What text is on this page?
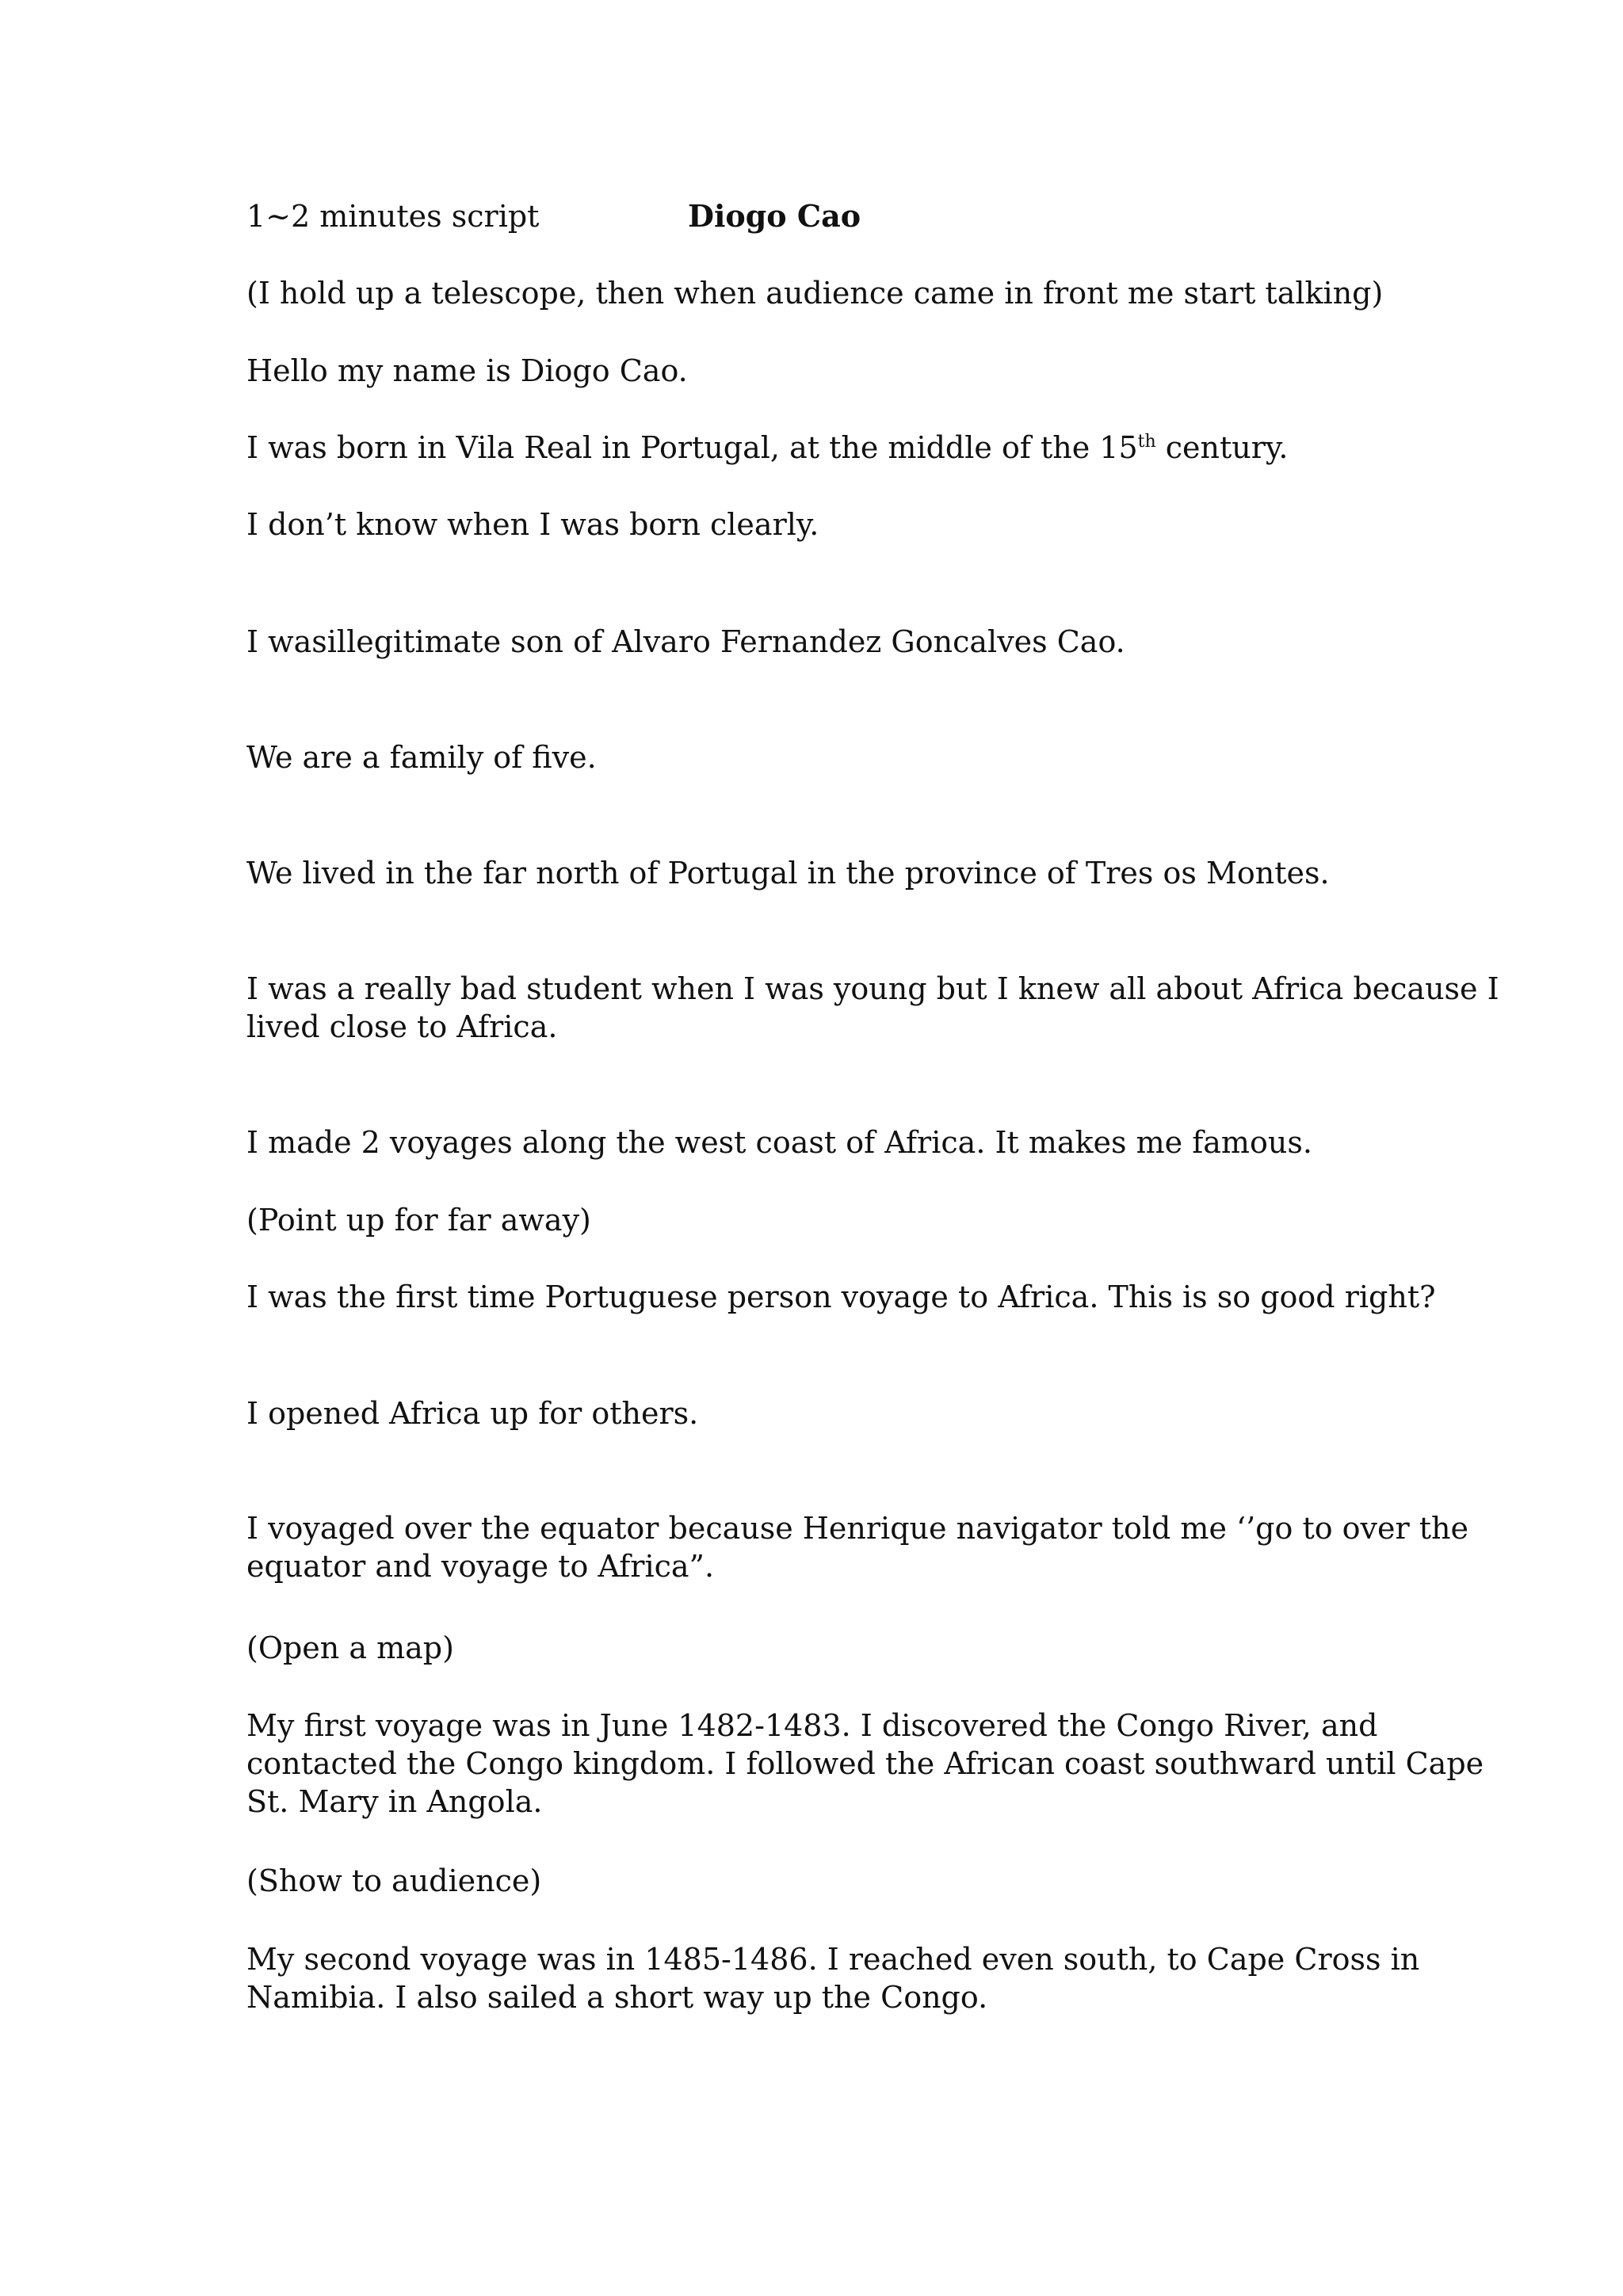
1~2 minutes script	Diogo Cao

(I hold up a telescope, then when audience came in front me start talking)

Hello my name is Diogo Cao.

I was born in Vila Real in Portugal, at the middle of the 15th century.

I don’t know when I was born clearly.

I wasillegitimate son of Alvaro Fernandez Goncalves Cao.

We are a family of five.

We lived in the far north of Portugal in the province of Tres os Montes.

I was a really bad student when I was young but I knew all about Africa because I

lived close to Africa.

I made 2 voyages along the west coast of Africa. It makes me famous.

(Point up for far away)

I was the first time Portuguese person voyage to Africa. This is so good right?

I opened Africa up for others.

I voyaged over the equator because Henrique navigator told me ‘’go to over the

equator and voyage to Africa”.

(Open a map)

My first voyage was in June 1482-1483. I discovered the Congo River, and

contacted the Congo kingdom. I followed the African coast southward until Cape

St. Mary in Angola.

(Show to audience)

My second voyage was in 1485-1486. I reached even south, to Cape Cross in

Namibia. I also sailed a short way up the Congo.
